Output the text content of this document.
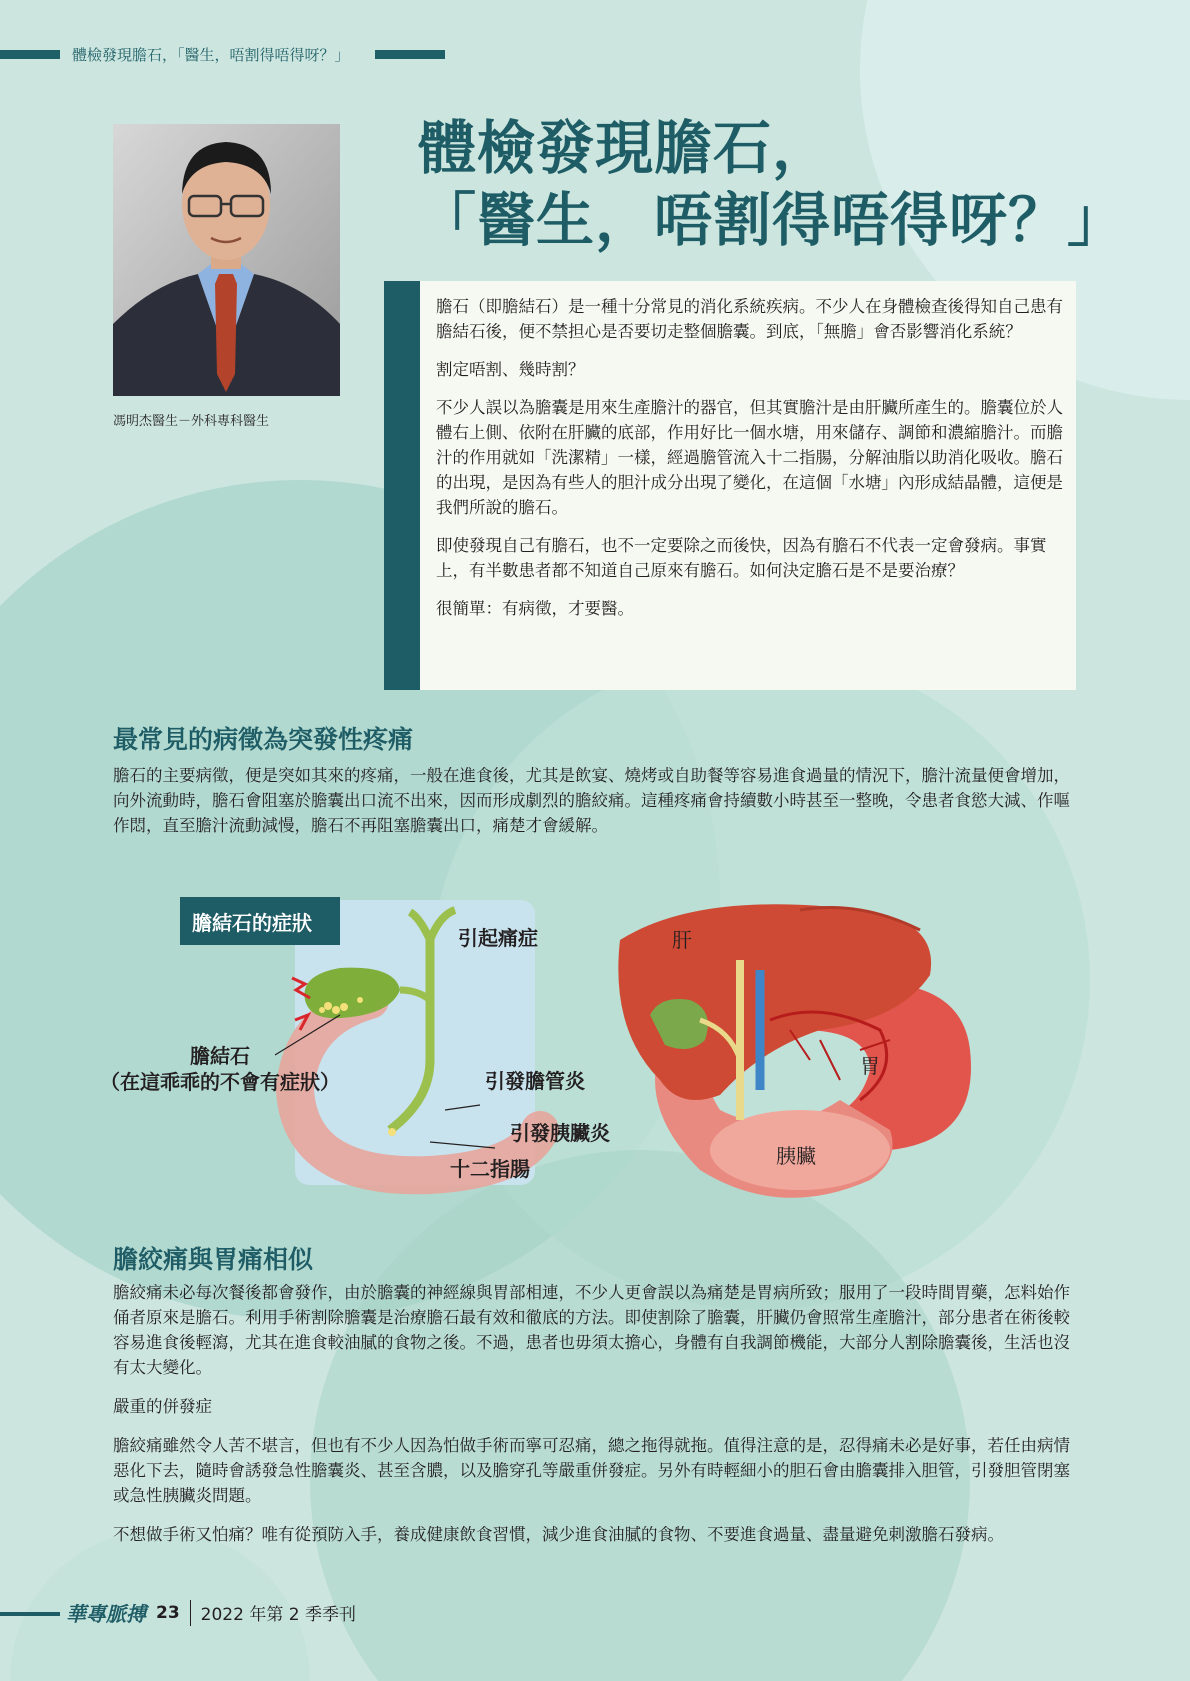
體檢發現膽石，「醫生，唔割得唔得呀？」
馮明杰醫生－外科專科醫生
體檢發現膽石，
「醫生，唔割得唔得呀？」

膽石（即膽結石）是一種十分常見的消化系統疾病。不少人在身體檢查後得知自己患有膽結石後，便不禁担心是否要切走整個膽囊。到底，「無膽」會否影響消化系統？

割定唔割、幾時割？

不少人誤以為膽囊是用來生產膽汁的器官，但其實膽汁是由肝臟所產生的。膽囊位於人體右上側、依附在肝臟的底部，作用好比一個水塘，用來儲存、調節和濃縮膽汁。而膽汁的作用就如「洗潔精」一樣，經過膽管流入十二指腸，分解油脂以助消化吸收。膽石的出現，是因為有些人的胆汁成分出現了變化，在這個「水塘」內形成結晶體，這便是我們所說的膽石。

即使發現自己有膽石，也不一定要除之而後快，因為有膽石不代表一定會發病。事實上，有半數患者都不知道自己原來有膽石。如何決定膽石是不是要治療？

很簡單：有病徵，才要醫。

最常見的病徵為突發性疼痛

膽石的主要病徵，便是突如其來的疼痛，一般在進食後，尤其是飲宴、燒烤或自助餐等容易進食過量的情況下，膽汁流量便會增加，向外流動時，膽石會阻塞於膽囊出口流不出來，因而形成劇烈的膽絞痛。這種疼痛會持續數小時甚至一整晚，令患者食慾大減、作嘔作悶，直至膽汁流動減慢，膽石不再阻塞膽囊出口，痛楚才會緩解。

膽結石的症狀
引起痛症
膽結石
（在這乖乖的不會有症狀）	引發膽管炎
引發胰臟炎
十二指腸
肝
胃
胰臟
膽絞痛與胃痛相似

膽絞痛未必每次餐後都會發作，由於膽囊的神經線與胃部相連，不少人更會誤以為痛楚是胃病所致；服用了一段時間胃藥，怎料始作俑者原來是膽石。利用手術割除膽囊是治療膽石最有效和徹底的方法。即使割除了膽囊，肝臟仍會照常生產膽汁，部分患者在術後較容易進食後輕瀉，尤其在進食較油膩的食物之後。不過，患者也毋須太擔心，身體有自我調節機能，大部分人割除膽囊後，生活也沒有太大變化。

嚴重的併發症

膽絞痛雖然令人苦不堪言，但也有不少人因為怕做手術而寧可忍痛，總之拖得就拖。值得注意的是，忍得痛未必是好事，若任由病情惡化下去，隨時會誘發急性膽囊炎、甚至含膿，以及膽穿孔等嚴重併發症。另外有時輕細小的胆石會由膽囊排入胆管，引發胆管閉塞或急性胰臟炎問題。

不想做手術又怕痛？唯有從預防入手，養成健康飲食習慣，減少進食油膩的食物、不要進食過量、盡量避免刺激膽石發病。

華專脈搏 23 2022 年第 2 季季刊
